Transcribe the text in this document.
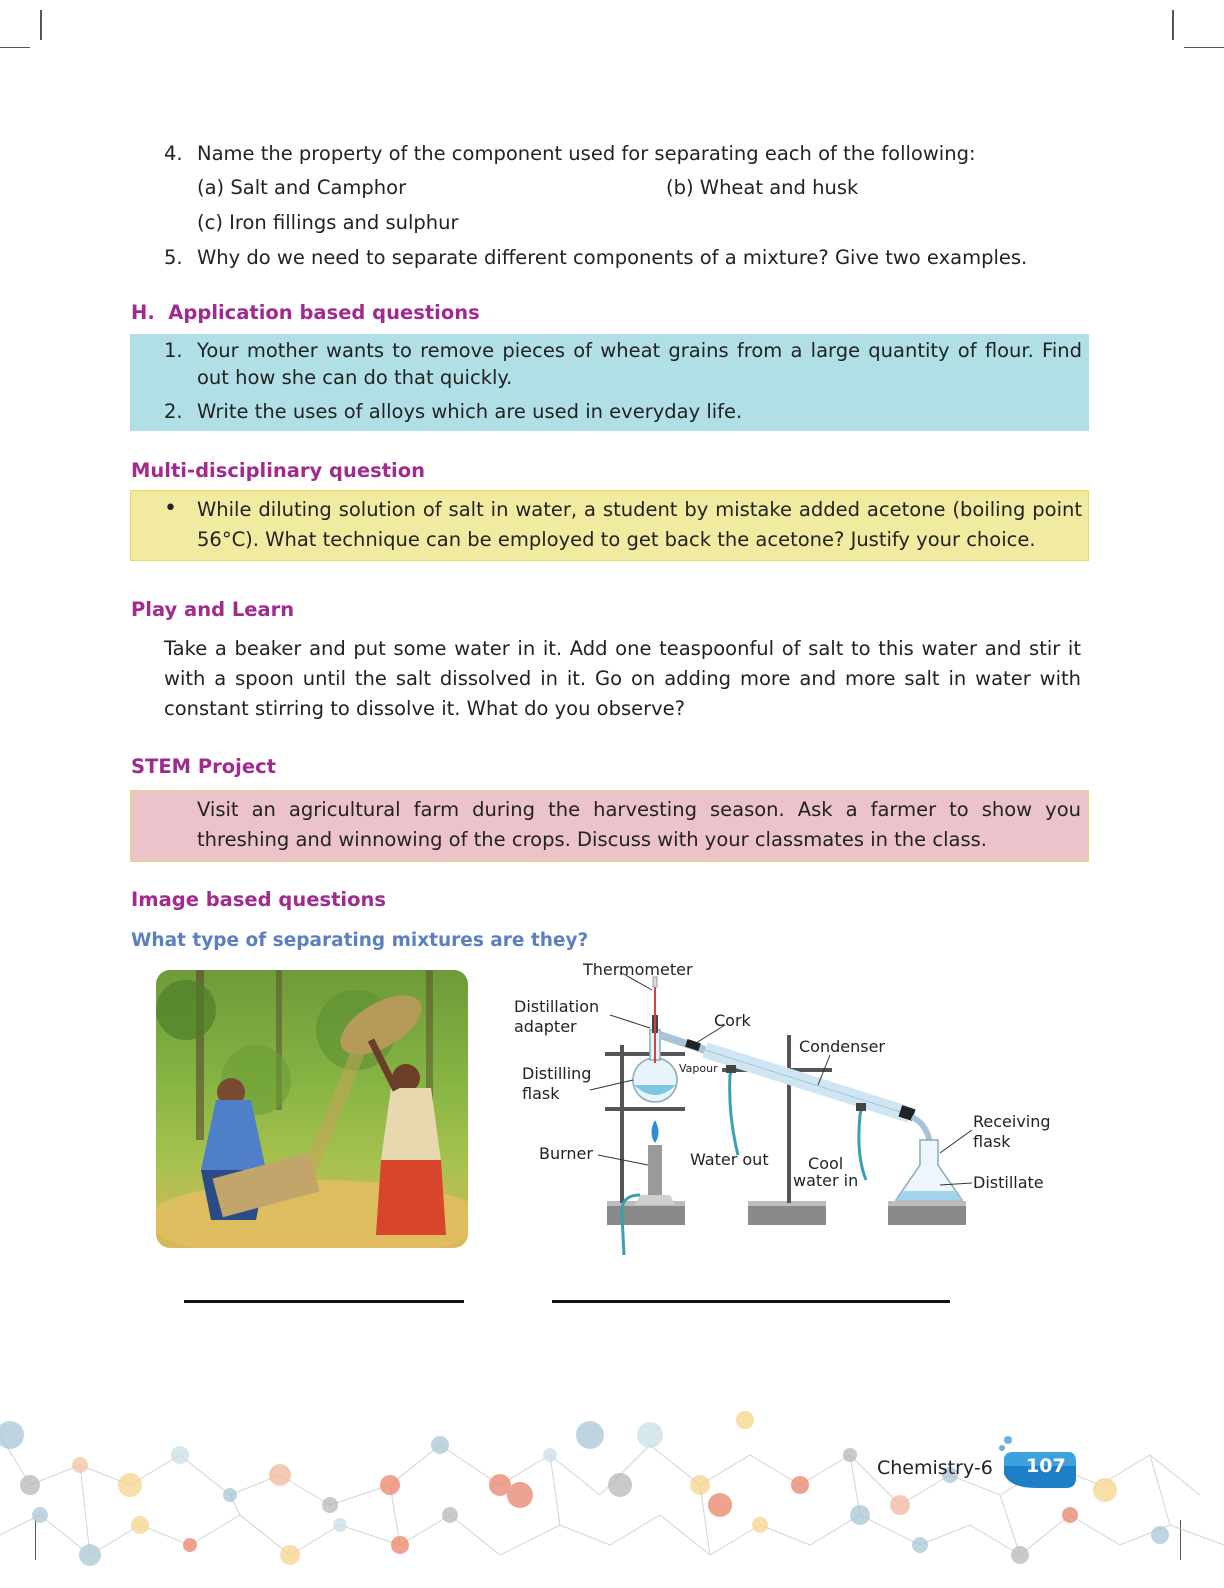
4. Name the property of the component used for separating each of the following:
(a) Salt and Camphor	(b) Wheat and husk
(c) Iron fillings and sulphur
5. Why do we need to separate different components of a mixture? Give two examples.
H.  Application based questions
1. Your mother wants to remove pieces of wheat grains from a large quantity of flour. Find out how she can do that quickly.
2. Write the uses of alloys which are used in everyday life.
Multi-disciplinary question
• While diluting solution of salt in water, a student by mistake added acetone (boiling point 56°C). What technique can be employed to get back the acetone? Justify your choice.
Play and Learn
Take a beaker and put some water in it. Add one teaspoonful of salt to this water and stir it with a spoon until the salt dissolved in it. Go on adding more and more salt in water with constant stirring to dissolve it. What do you observe?
STEM Project
Visit an agricultural farm during the harvesting season. Ask a farmer to show you threshing and winnowing of the crops. Discuss with your classmates in the class.
Image based questions
What type of separating mixtures are they?
Thermometer
Distillation
adapter	Cork
Condenser
Vapour
Distilling
flask
Burner	Water out	Cool
water in
Receiving
flask
Distillate
Chemistry-6 107
